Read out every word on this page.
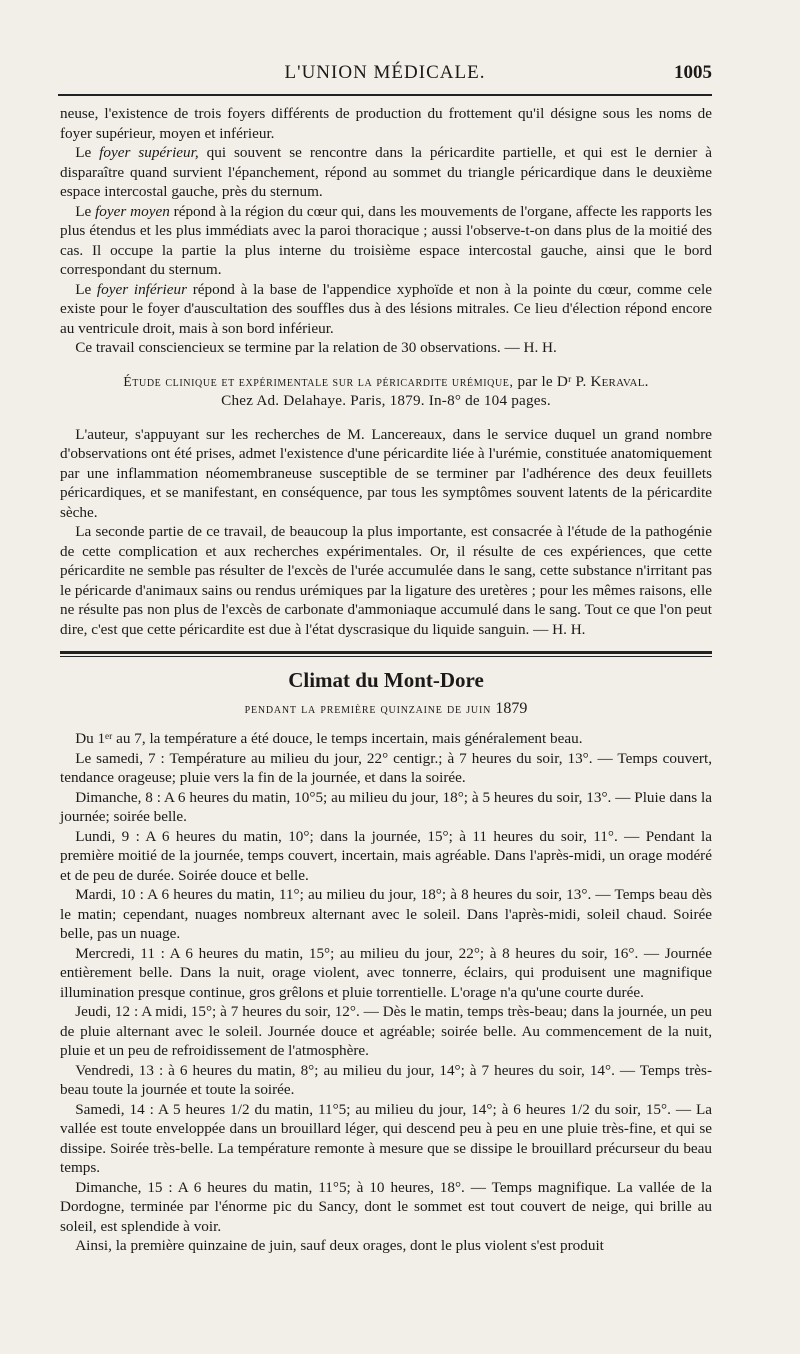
L'UNION MÉDICALE.	1005

neuse, l'existence de trois foyers différents de production du frottement qu'il désigne sous les noms de foyer supérieur, moyen et inférieur.

 Le foyer supérieur, qui souvent se rencontre dans la péricardite partielle, et qui est le dernier à disparaître quand survient l'épanchement, répond au sommet du triangle péricardique dans le deuxième espace intercostal gauche, près du sternum.

 Le foyer moyen répond à la région du cœur qui, dans les mouvements de l'organe, affecte les rapports les plus étendus et les plus immédiats avec la paroi thoracique ; aussi l'observe-t-on dans plus de la moitié des cas. Il occupe la partie la plus interne du troisième espace intercostal gauche, ainsi que le bord correspondant du sternum.

 Le foyer inférieur répond à la base de l'appendice xyphoïde et non à la pointe du cœur, comme cele existe pour le foyer d'auscultation des souffles dus à des lésions mitrales. Ce lieu d'élection répond encore au ventricule droit, mais à son bord inférieur.

 Ce travail consciencieux se termine par la relation de 30 observations. — H. H.

Étude clinique et expérimentale sur la péricardite urémique, par le Dʳ P. Keraval.

Chez Ad. Delahaye. Paris, 1879. In-8° de 104 pages.

 L'auteur, s'appuyant sur les recherches de M. Lancereaux, dans le service duquel un grand nombre d'observations ont été prises, admet l'existence d'une péricardite liée à l'urémie, constituée anatomiquement par une inflammation néomembraneuse susceptible de se terminer par l'adhérence des deux feuillets péricardiques, et se manifestant, en conséquence, par tous les symptômes souvent latents de la péricardite sèche.

 La seconde partie de ce travail, de beaucoup la plus importante, est consacrée à l'étude de la pathogénie de cette complication et aux recherches expérimentales. Or, il résulte de ces expériences, que cette péricardite ne semble pas résulter de l'excès de l'urée accumulée dans le sang, cette substance n'irritant pas le péricarde d'animaux sains ou rendus urémiques par la ligature des uretères ; pour les mêmes raisons, elle ne résulte pas non plus de l'excès de carbonate d'ammoniaque accumulé dans le sang. Tout ce que l'on peut dire, c'est que cette péricardite est due à l'état dyscrasique du liquide sanguin. — H. H.

Climat du Mont-Dore
pendant la première quinzaine de juin 1879

 Du 1ᵉʳ au 7, la température a été douce, le temps incertain, mais généralement beau.

 Le samedi, 7 : Température au milieu du jour, 22° centigr.; à 7 heures du soir, 13°. — Temps couvert, tendance orageuse; pluie vers la fin de la journée, et dans la soirée.

 Dimanche, 8 : A 6 heures du matin, 10°5; au milieu du jour, 18°; à 5 heures du soir, 13°. — Pluie dans la journée; soirée belle.

 Lundi, 9 : A 6 heures du matin, 10°; dans la journée, 15°; à 11 heures du soir, 11°. — Pendant la première moitié de la journée, temps couvert, incertain, mais agréable. Dans l'après-midi, un orage modéré et de peu de durée. Soirée douce et belle.

 Mardi, 10 : A 6 heures du matin, 11°; au milieu du jour, 18°; à 8 heures du soir, 13°. — Temps beau dès le matin; cependant, nuages nombreux alternant avec le soleil. Dans l'après-midi, soleil chaud. Soirée belle, pas un nuage.

 Mercredi, 11 : A 6 heures du matin, 15°; au milieu du jour, 22°; à 8 heures du soir, 16°. — Journée entièrement belle. Dans la nuit, orage violent, avec tonnerre, éclairs, qui produisent une magnifique illumination presque continue, gros grêlons et pluie torrentielle. L'orage n'a qu'une courte durée.

 Jeudi, 12 : A midi, 15°; à 7 heures du soir, 12°. — Dès le matin, temps très-beau; dans la journée, un peu de pluie alternant avec le soleil. Journée douce et agréable; soirée belle. Au commencement de la nuit, pluie et un peu de refroidissement de l'atmosphère.

 Vendredi, 13 : à 6 heures du matin, 8°; au milieu du jour, 14°; à 7 heures du soir, 14°. — Temps très-beau toute la journée et toute la soirée.

 Samedi, 14 : A 5 heures 1/2 du matin, 11°5; au milieu du jour, 14°; à 6 heures 1/2 du soir, 15°. — La vallée est toute enveloppée dans un brouillard léger, qui descend peu à peu en une pluie très-fine, et qui se dissipe. Soirée très-belle. La température remonte à mesure que se dissipe le brouillard précurseur du beau temps.

 Dimanche, 15 : A 6 heures du matin, 11°5; à 10 heures, 18°. — Temps magnifique. La vallée de la Dordogne, terminée par l'énorme pic du Sancy, dont le sommet est tout couvert de neige, qui brille au soleil, est splendide à voir.

 Ainsi, la première quinzaine de juin, sauf deux orages, dont le plus violent s'est produit
